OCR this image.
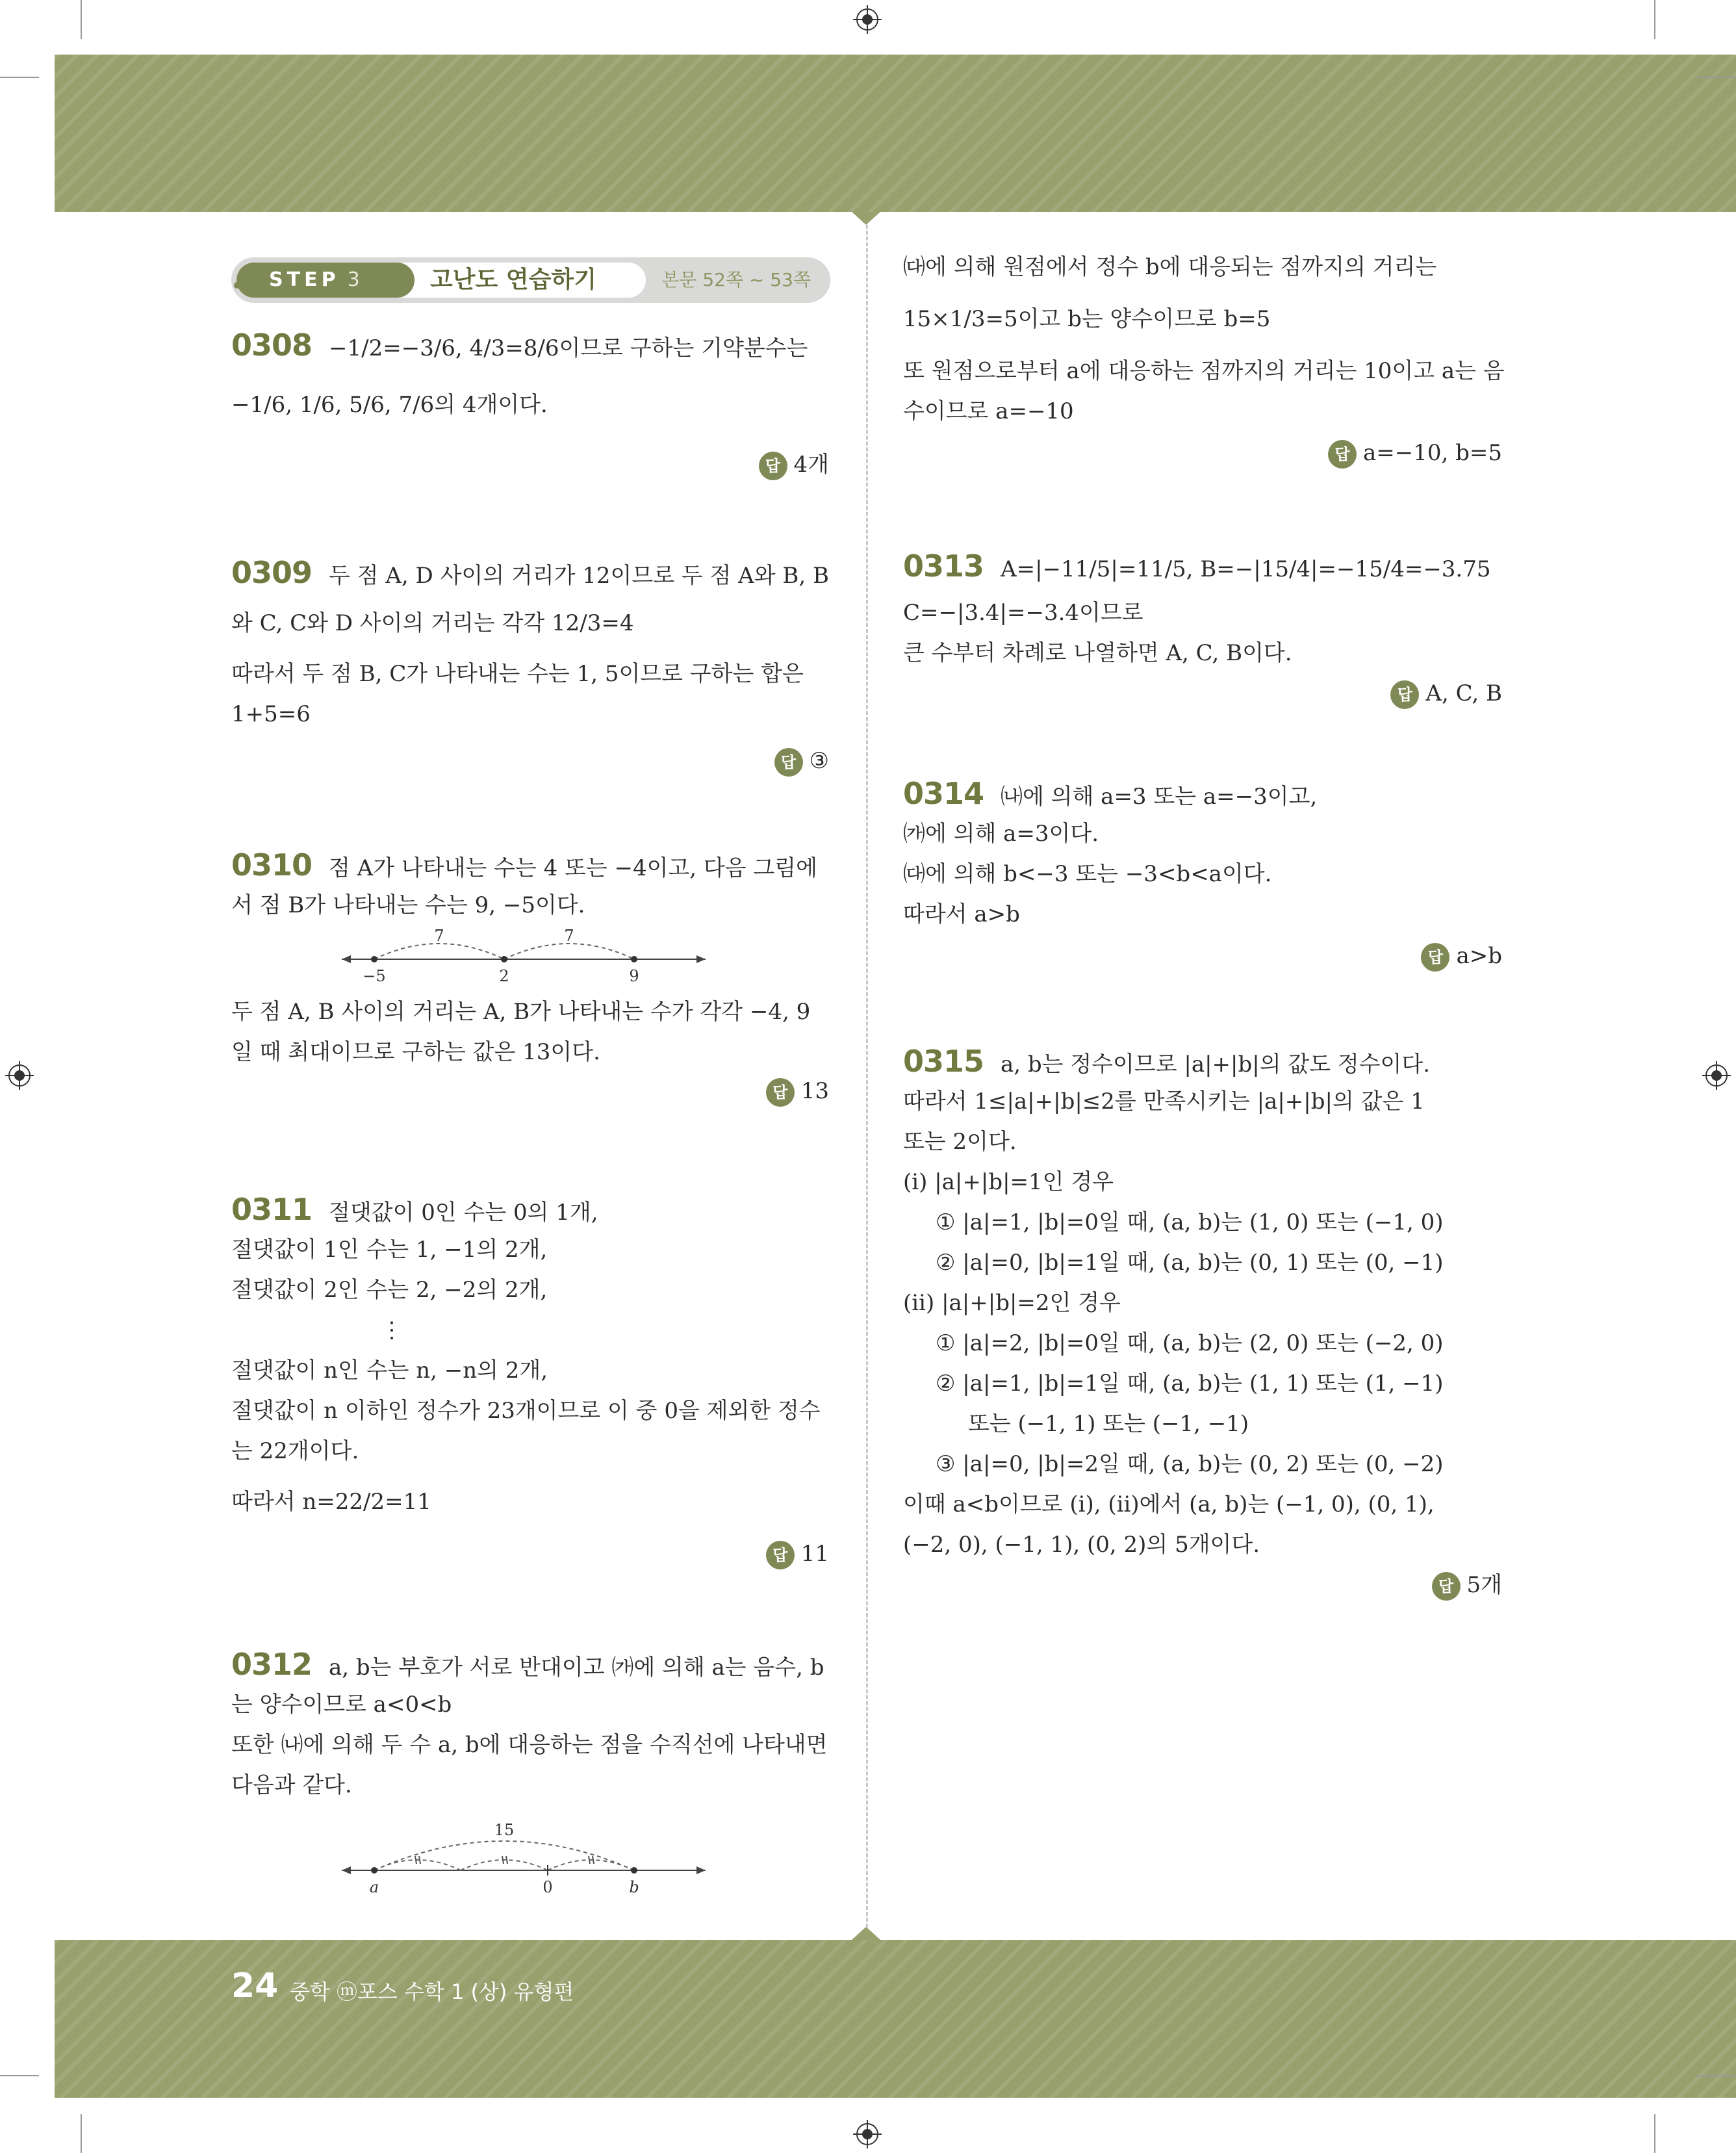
STEP 3	고난도 연습하기	본문 52쪽 ~ 53쪽
0308 −1/2=−3/6, 4/3=8/6이므로 구하는 기약분수는
−1/6, 1/6, 5/6, 7/6의 4개이다.
답 4개
0309 두 점 A, D 사이의 거리가 12이므로 두 점 A와 B, B
와 C, C와 D 사이의 거리는 각각 12/3=4
따라서 두 점 B, C가 나타내는 수는 1, 5이므로 구하는 합은
1+5=6
답 ③
0310 점 A가 나타내는 수는 4 또는 −4이고, 다음 그림에
서 점 B가 나타내는 수는 9, −5이다.
7	7
−5	2	9
두 점 A, B 사이의 거리는 A, B가 나타내는 수가 각각 −4, 9
일 때 최대이므로 구하는 값은 13이다.
답 13
0311 절댓값이 0인 수는 0의 1개,
절댓값이 1인 수는 1, −1의 2개,
절댓값이 2인 수는 2, −2의 2개,
⋮
절댓값이 n인 수는 n, −n의 2개,
절댓값이 n 이하인 정수가 23개이므로 이 중 0을 제외한 정수
는 22개이다.
따라서 n=22/2=11
답 11
0312 a, b는 부호가 서로 반대이고 ㈎에 의해 a는 음수, b
는 양수이므로 a<0<b
또한 ㈏에 의해 두 수 a, b에 대응하는 점을 수직선에 나타내면
다음과 같다.
15
a	0	b
㈐에 의해 원점에서 정수 b에 대응되는 점까지의 거리는
15×1/3=5이고 b는 양수이므로 b=5
또 원점으로부터 a에 대응하는 점까지의 거리는 10이고 a는 음
수이므로 a=−10
답 a=−10, b=5
0313 A=|−11/5|=11/5, B=−|15/4|=−15/4=−3.75
C=−|3.4|=−3.4이므로
큰 수부터 차례로 나열하면 A, C, B이다.
답 A, C, B
0314 ㈏에 의해 a=3 또는 a=−3이고,
㈎에 의해 a=3이다.
㈐에 의해 b<−3 또는 −3<b<a이다.
따라서 a>b
답 a>b
0315 a, b는 정수이므로 |a|+|b|의 값도 정수이다.
따라서 1≤|a|+|b|≤2를 만족시키는 |a|+|b|의 값은 1
또는 2이다.
(ⅰ) |a|+|b|=1인 경우
① |a|=1, |b|=0일 때, (a, b)는 (1, 0) 또는 (−1, 0)
② |a|=0, |b|=1일 때, (a, b)는 (0, 1) 또는 (0, −1)
(ⅱ) |a|+|b|=2인 경우
① |a|=2, |b|=0일 때, (a, b)는 (2, 0) 또는 (−2, 0)
② |a|=1, |b|=1일 때, (a, b)는 (1, 1) 또는 (1, −1)
또는 (−1, 1) 또는 (−1, −1)
③ |a|=0, |b|=2일 때, (a, b)는 (0, 2) 또는 (0, −2)
이때 a<b이므로 (ⅰ), (ⅱ)에서 (a, b)는 (−1, 0), (0, 1),
(−2, 0), (−1, 1), (0, 2)의 5개이다.
답 5개
24 중학 ⓜ포스 수학 1 (상) 유형편
